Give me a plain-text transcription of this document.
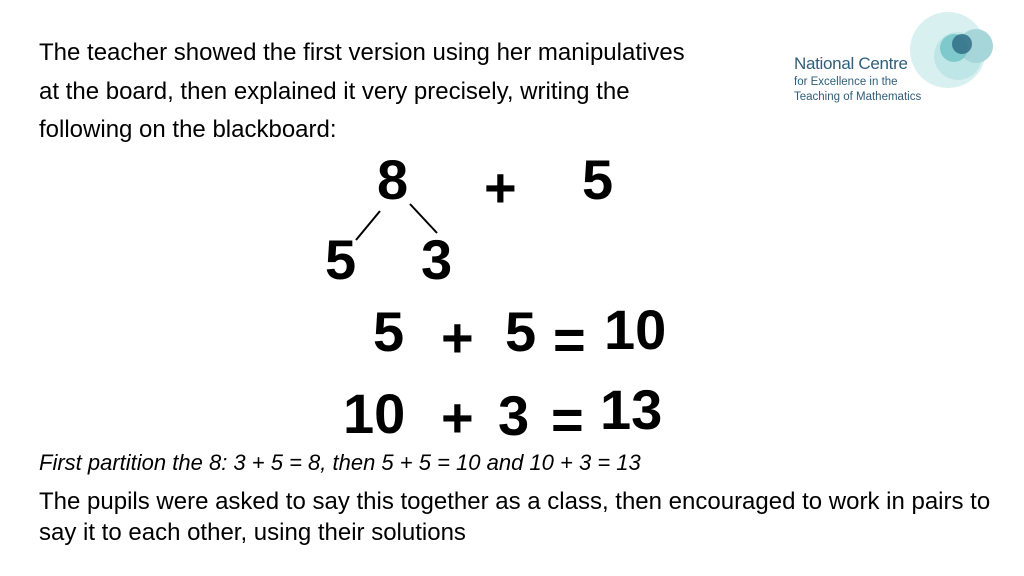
The teacher showed the first version using her manipulatives at the board, then explained it very precisely, writing the following on the blackboard:

National Centre
for Excellence in the
Teaching of Mathematics
8 + 5
5 3
5 + 5 = 10
10 + 3 = 13

First partition the 8: 3 + 5 = 8, then 5 + 5 = 10 and 10 + 3 = 13

The pupils were asked to say this together as a class, then encouraged to work in pairs to say it to each other, using their solutions
